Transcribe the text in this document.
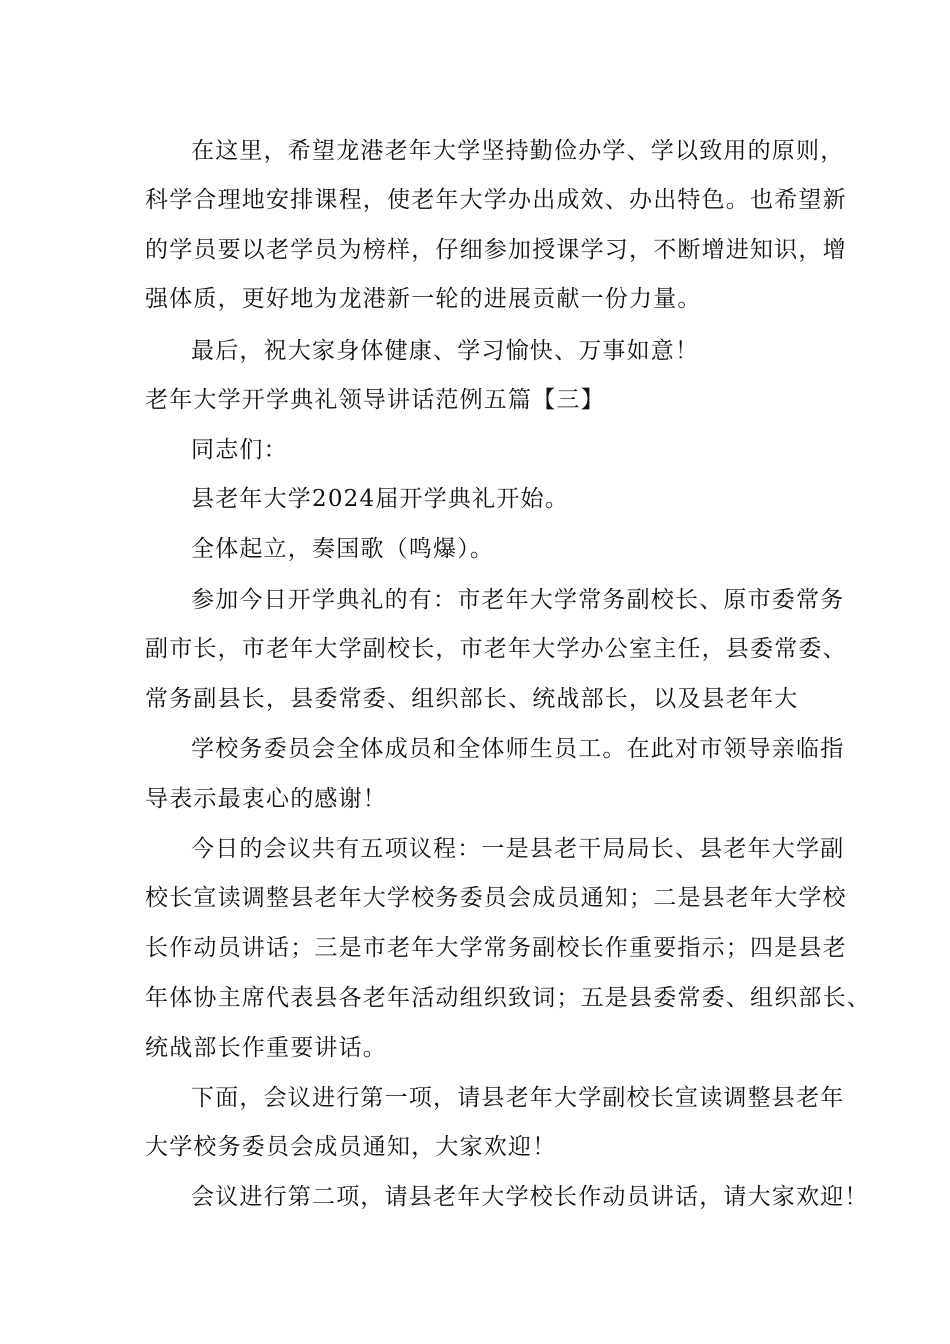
在这里，希望龙港老年大学坚持勤俭办学、学以致用的原则，
科学合理地安排课程，使老年大学办出成效、办出特色。也希望新
的学员要以老学员为榜样，仔细参加授课学习，不断增进知识，增
强体质，更好地为龙港新一轮的进展贡献一份力量。
最后，祝大家身体健康、学习愉快、万事如意！
老年大学开学典礼领导讲话范例五篇【三】
同志们：
县老年大学2024届开学典礼开始。
全体起立，奏国歌（鸣爆）。
参加今日开学典礼的有：市老年大学常务副校长、原市委常务
副市长，市老年大学副校长，市老年大学办公室主任，县委常委、
常务副县长，县委常委、组织部长、统战部长，以及县老年大
学校务委员会全体成员和全体师生员工。在此对市领导亲临指
导表示最衷心的感谢！
今日的会议共有五项议程：一是县老干局局长、县老年大学副
校长宣读调整县老年大学校务委员会成员通知；二是县老年大学校
长作动员讲话；三是市老年大学常务副校长作重要指示；四是县老
年体协主席代表县各老年活动组织致词；五是县委常委、组织部长、
统战部长作重要讲话。
下面，会议进行第一项，请县老年大学副校长宣读调整县老年
大学校务委员会成员通知，大家欢迎！
会议进行第二项，请县老年大学校长作动员讲话，请大家欢迎！
